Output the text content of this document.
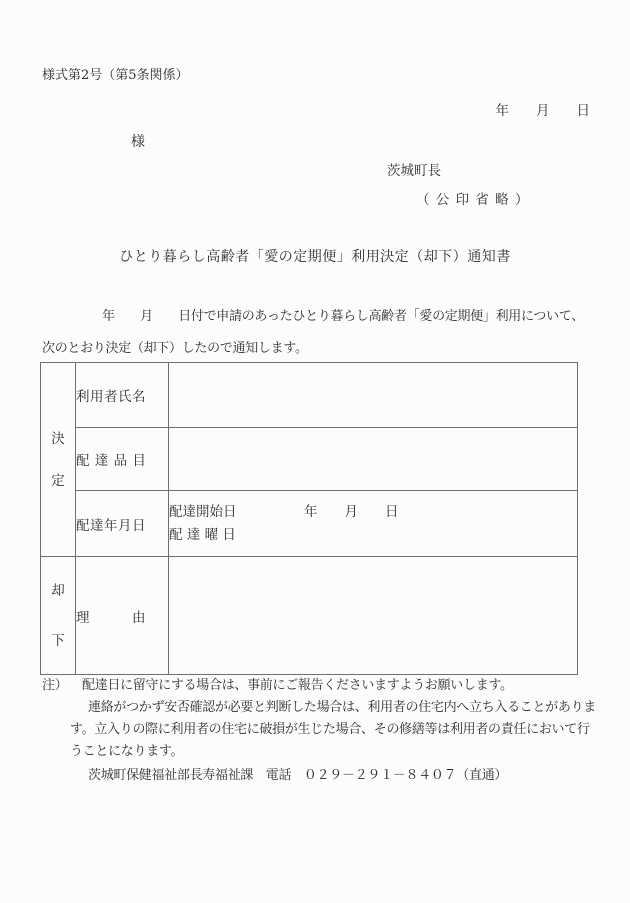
様式第2号（第5条関係）
年　　月　　日
様
茨城町長
（ 公 印 省 略 ）
ひとり暮らし高齢者「愛の定期便」利用決定（却下）通知書
年　　月　　日付で申請のあったひとり暮らし高齢者「愛の定期便」利用について、
次のとおり決定（却下）したので通知します。
決
定	利用者氏名	
	配 達 品 目	
	配達年月日	配達開始日　　　　　年　　月　　日
配 達 曜 日

却
下	理　　　由	
注） 配達日に留守にする場合は、事前にご報告くださいますようお願いします。
連絡がつかず安否確認が必要と判断した場合は、利用者の住宅内へ立ち入ることがありま
す。立入りの際に利用者の住宅に破損が生じた場合、その修繕等は利用者の責任において行
うことになります。
茨城町保健福祉部長寿福祉課　電話　０２９－２９１－８４０７（直通）
